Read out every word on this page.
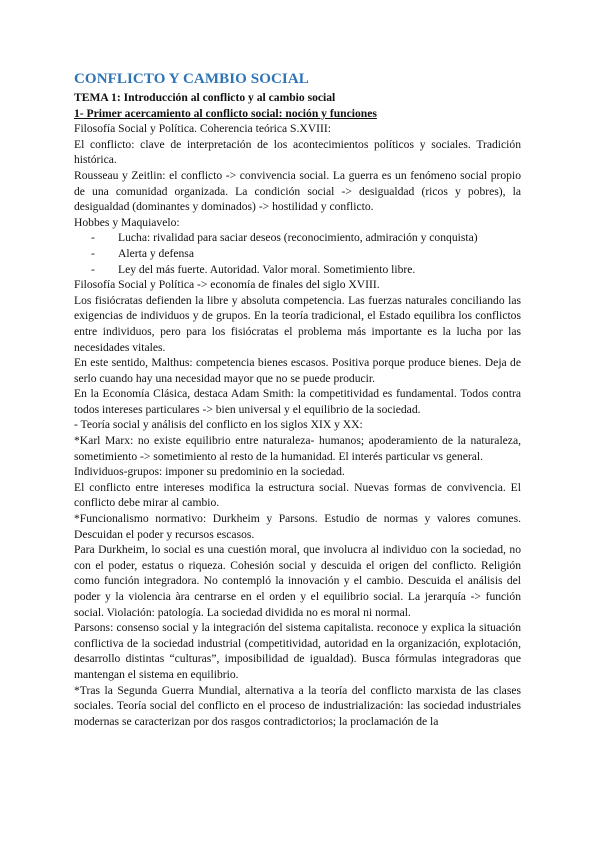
CONFLICTO Y CAMBIO SOCIAL

TEMA 1: Introducción al conflicto y al cambio social

1- Primer acercamiento al conflicto social: noción y funciones

Filosofía Social y Política. Coherencia teórica S.XVIII:

El conflicto: clave de interpretación de los acontecimientos políticos y sociales. Tradición histórica.

Rousseau y Zeitlin: el conflicto -> convivencia social. La guerra es un fenómeno social propio de una comunidad organizada. La condición social -> desigualdad (ricos y pobres), la desigualdad (dominantes y dominados) -> hostilidad y conflicto.

Hobbes y Maquiavelo:

-	Lucha: rivalidad para saciar deseos (reconocimiento, admiración y conquista)
-	Alerta y defensa
-	Ley del más fuerte. Autoridad. Valor moral. Sometimiento libre.

Filosofía Social y Política -> economía de finales del siglo XVIII.

Los fisiócratas defienden la libre y absoluta competencia. Las fuerzas naturales conciliando las exigencias de individuos y de grupos. En la teoría tradicional, el Estado equilibra los conflictos entre individuos, pero para los fisiócratas el problema más importante es la lucha por las necesidades vitales.

En este sentido, Malthus: competencia bienes escasos. Positiva porque produce bienes. Deja de serlo cuando hay una necesidad mayor que no se puede producir.

En la Economía Clásica, destaca Adam Smith: la competitividad es fundamental. Todos contra todos intereses particulares -> bien universal y el equilibrio de la sociedad.

- Teoría social y análisis del conflicto en los siglos XIX y XX:

*Karl Marx: no existe equilibrio entre naturaleza- humanos; apoderamiento de la naturaleza, sometimiento -> sometimiento al resto de la humanidad. El interés particular vs general.

Individuos-grupos: imponer su predominio en la sociedad.

El conflicto entre intereses modifica la estructura social. Nuevas formas de convivencia. El conflicto debe mirar al cambio.

*Funcionalismo normativo: Durkheim y Parsons. Estudio de normas y valores comunes. Descuidan el poder y recursos escasos.

Para Durkheim, lo social es una cuestión moral, que involucra al individuo con la sociedad, no con el poder, estatus o riqueza. Cohesión social y descuida el origen del conflicto. Religión como función integradora. No contempló la innovación y el cambio. Descuida el análisis del poder y la violencia àra centrarse en el orden y el equilibrio social. La jerarquía -> función social. Violación: patología. La sociedad dividida no es moral ni normal.

Parsons: consenso social y la integración del sistema capitalista. reconoce y explica la situación conflictiva de la sociedad industrial (competitividad, autoridad en la organización, explotación, desarrollo distintas “culturas”, imposibilidad de igualdad). Busca fórmulas integradoras que mantengan el sistema en equilibrio.

*Tras la Segunda Guerra Mundial, alternativa a la teoría del conflicto marxista de las clases sociales. Teoría social del conflicto en el proceso de industrialización: las sociedad industriales modernas se caracterizan por dos rasgos contradictorios; la proclamación de la
